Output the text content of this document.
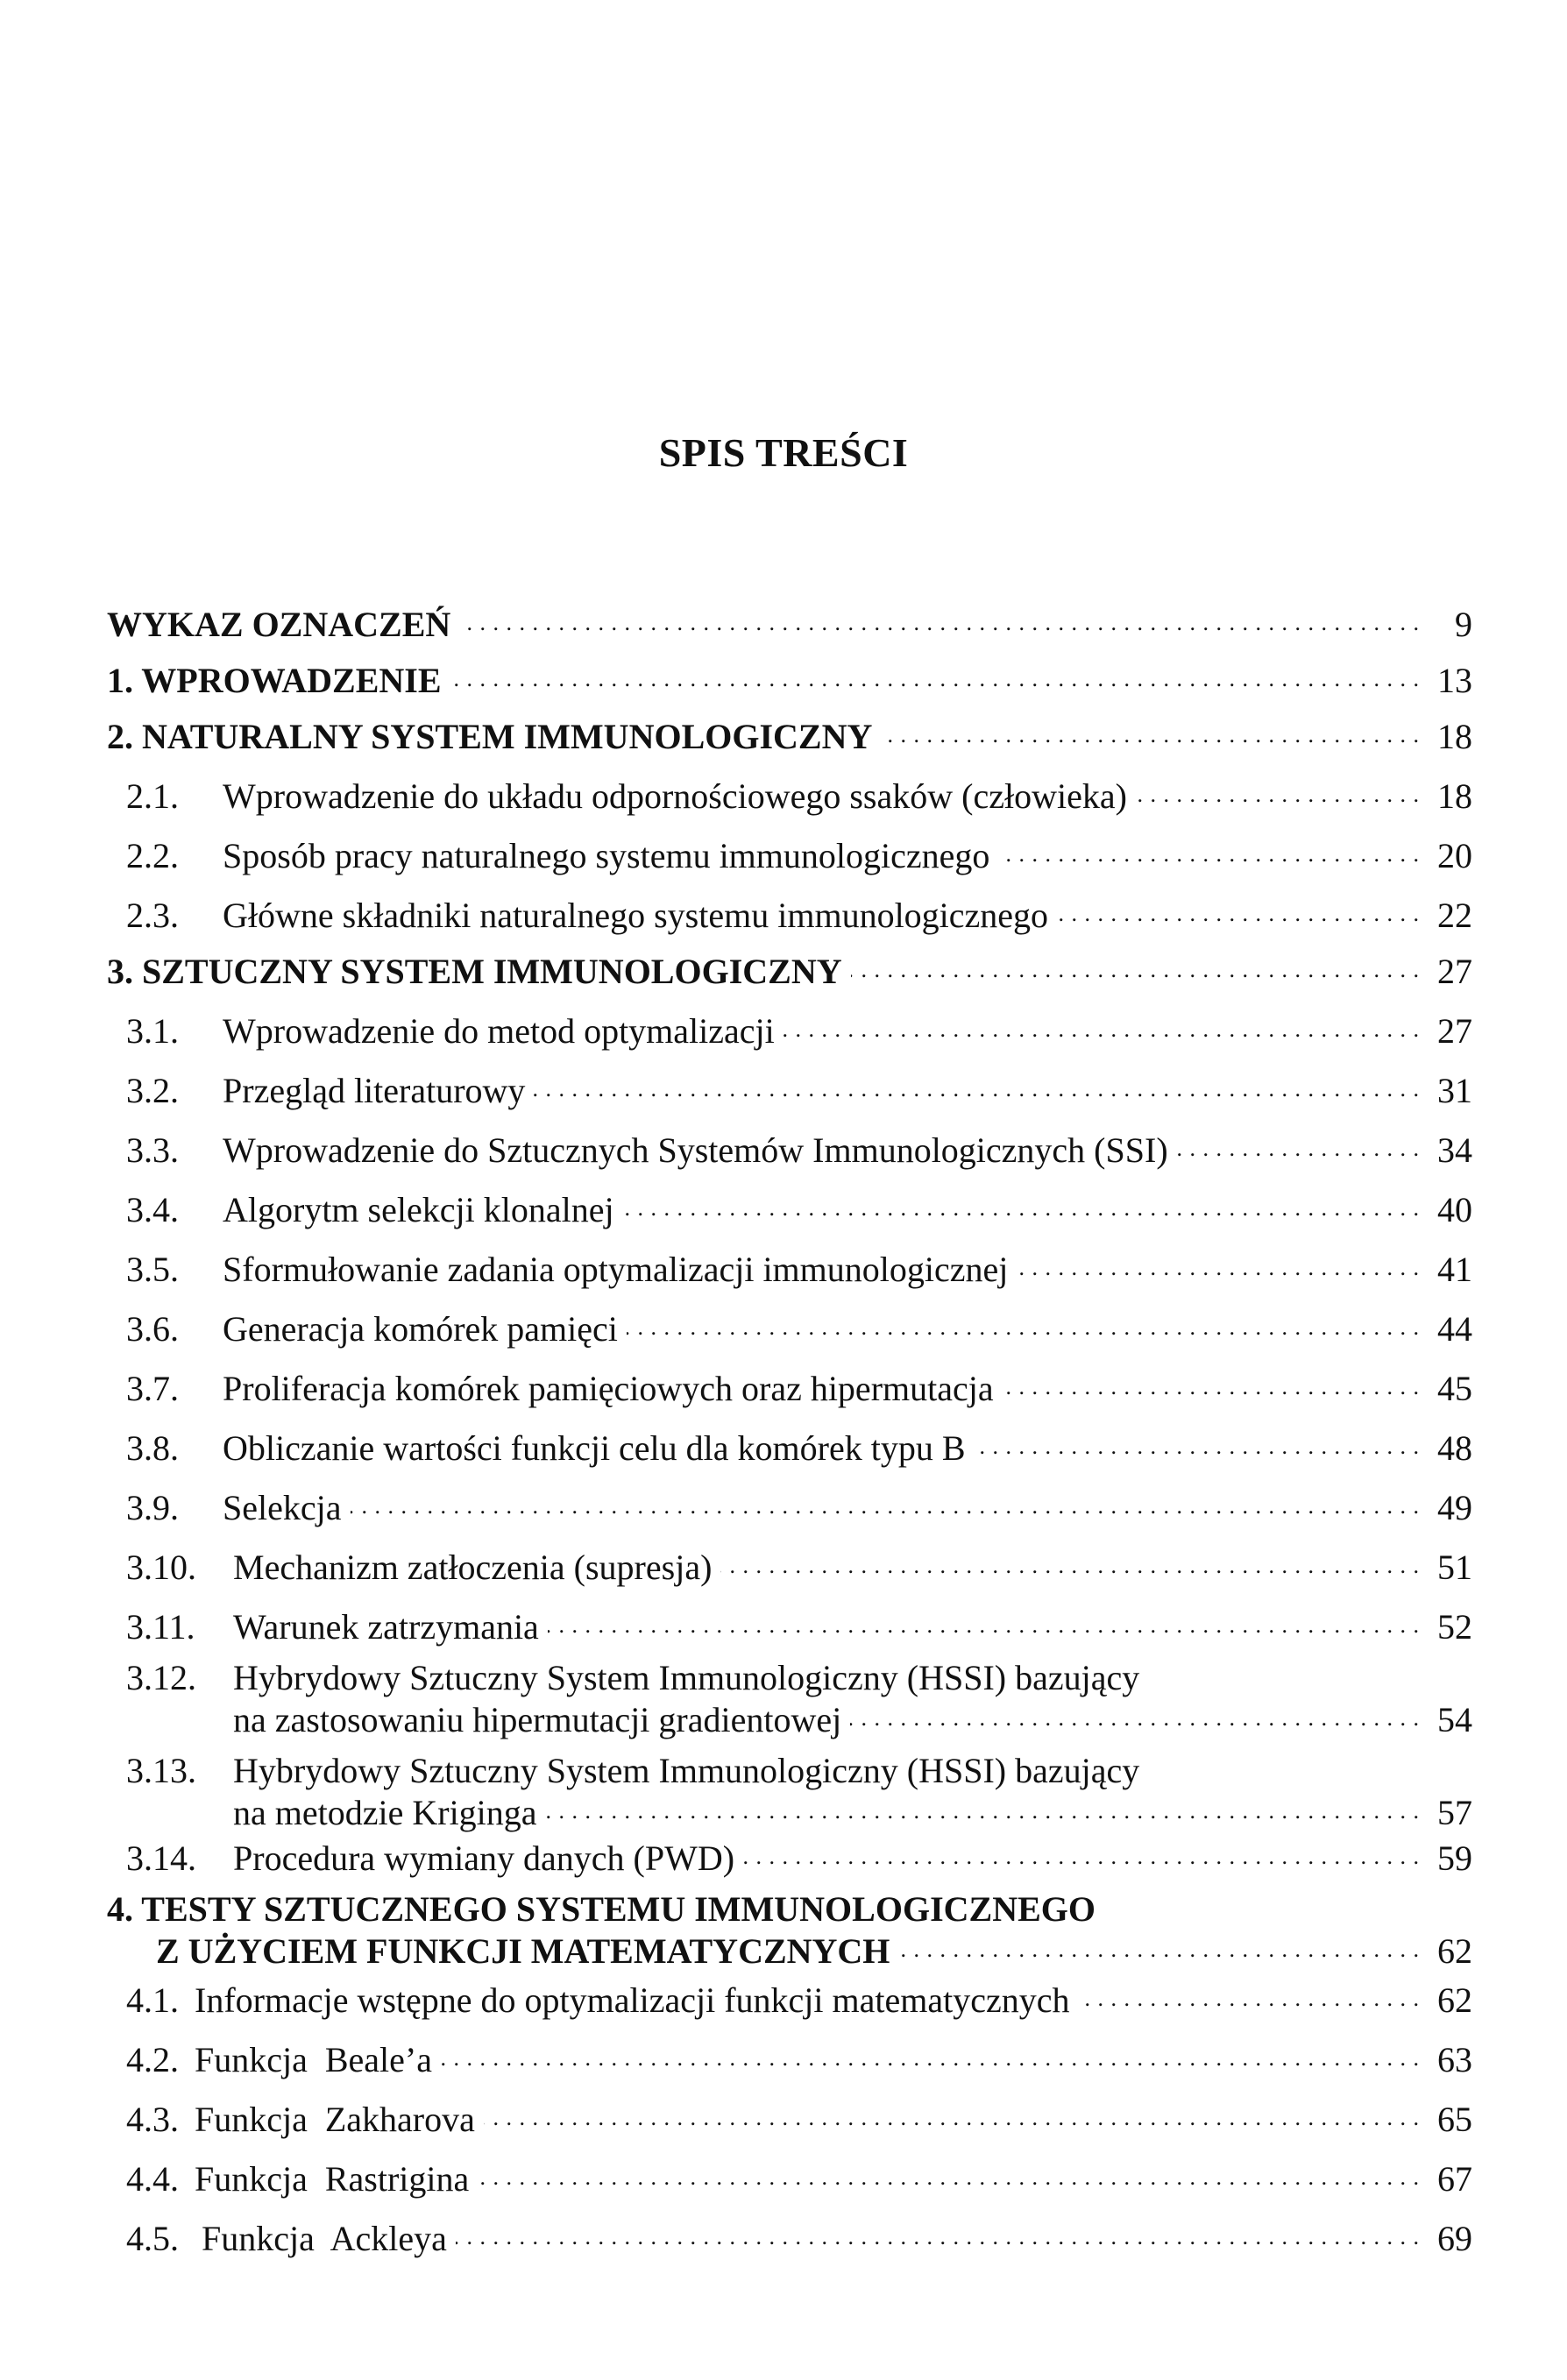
SPIS TREŚCI
WYKAZ OZNACZEŃ . . .	9
1. WPROWADZENIE . . .	13
2. NATURALNY SYSTEM IMMUNOLOGICZNY . . .	18
2.1.	Wprowadzenie do układu odpornościowego ssaków (człowieka) . . .	18
2.2.	Sposób pracy naturalnego systemu immunologicznego . . .	20
2.3.	Główne składniki naturalnego systemu immunologicznego . . .	22
3. SZTUCZNY SYSTEM IMMUNOLOGICZNY . . .	27
3.1.	Wprowadzenie do metod optymalizacji . . .	27
3.2.	Przegląd literaturowy . . .	31
3.3.	Wprowadzenie do Sztucznych Systemów Immunologicznych (SSI) . . .	34
3.4.	Algorytm selekcji klonalnej . . .	40
3.5.	Sformułowanie zadania optymalizacji immunologicznej . . .	41
3.6.	Generacja komórek pamięci . . .	44
3.7.	Proliferacja komórek pamięciowych oraz hipermutacja . . .	45
3.8.	Obliczanie wartości funkcji celu dla komórek typu B . . .	48
3.9.	Selekcja . . .	49
3.10.	Mechanizm zatłoczenia (supresja) . . .	51
3.11.	Warunek zatrzymania . . .	52
3.12.	Hybrydowy Sztuczny System Immunologiczny (HSSI) bazujący
na zastosowaniu hipermutacji gradientowej . . .	54
3.13.	Hybrydowy Sztuczny System Immunologiczny (HSSI) bazujący
na metodzie Kriginga . . .	57
3.14.	Procedura wymiany danych (PWD) . . .	59
4. TESTY SZTUCZNEGO SYSTEMU IMMUNOLOGICZNEGO
Z UŻYCIEM FUNKCJI MATEMATYCZNYCH . . .	62
4.1. Informacje wstępne do optymalizacji funkcji matematycznych . . .	62
4.2. Funkcja  Beale’a . . .	63
4.3. Funkcja  Zakharova . . .	65
4.4. Funkcja  Rastrigina . . .	67
4.5. Funkcja  Ackleya . . .	69
